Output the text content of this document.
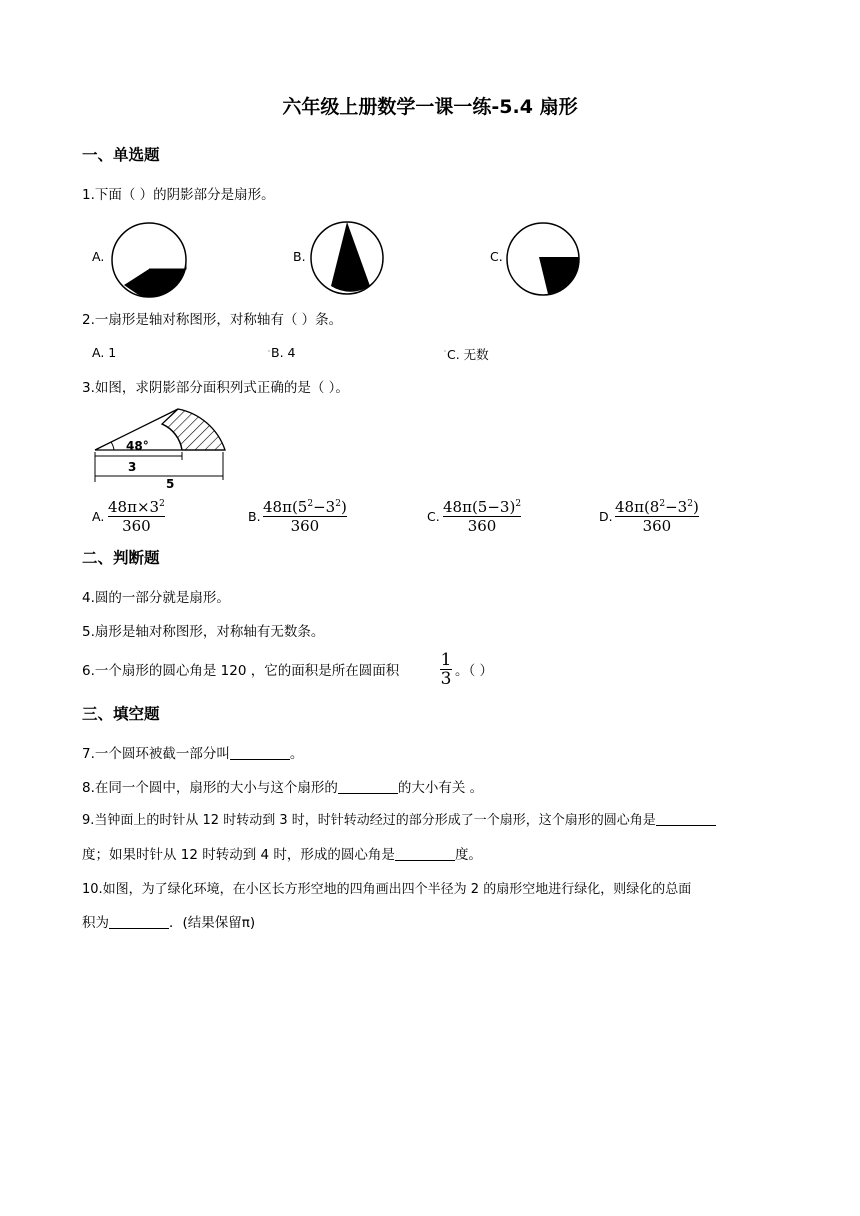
六年级上册数学一课一练-5.4 扇形
一、单选题
1.下面（ ）的阴影部分是扇形。
A.	B.	C.
2.一扇形是轴对称图形，对称轴有（ ）条。
A. 1	' B. 4	' C. 无数
3.如图，求阴影部分面积列式正确的是（ ）。
48°
3
5
A.
$48\pi\times 3^2$
360
B.
$48\pi(5^2-3^2)$
360
C.
$48\pi(5-3)^2$
360
D.
$48\pi(8^2-3^2)$
360
二、判断题
4.圆的一部分就是扇形。
5.扇形是轴对称图形，对称轴有无数条。
6.一个扇形的圆心角是 120 ，它的面积是所在圆面积
1
3 。（ ）
三、填空题
7.一个圆环被截一部分叫	。
8.在同一个圆中，扇形的大小与这个扇形的	的大小有关 。
9.当钟面上的时针从 12 时转动到 3 时，时针转动经过的部分形成了一个扇形，这个扇形的圆心角是
度；如果时针从 12 时转动到 4 时，形成的圆心角是	度。
10.如图，为了绿化环境，在小区长方形空地的四角画出四个半径为 2 的扇形空地进行绿化，则绿化的总面
积为	．(结果保留π)
